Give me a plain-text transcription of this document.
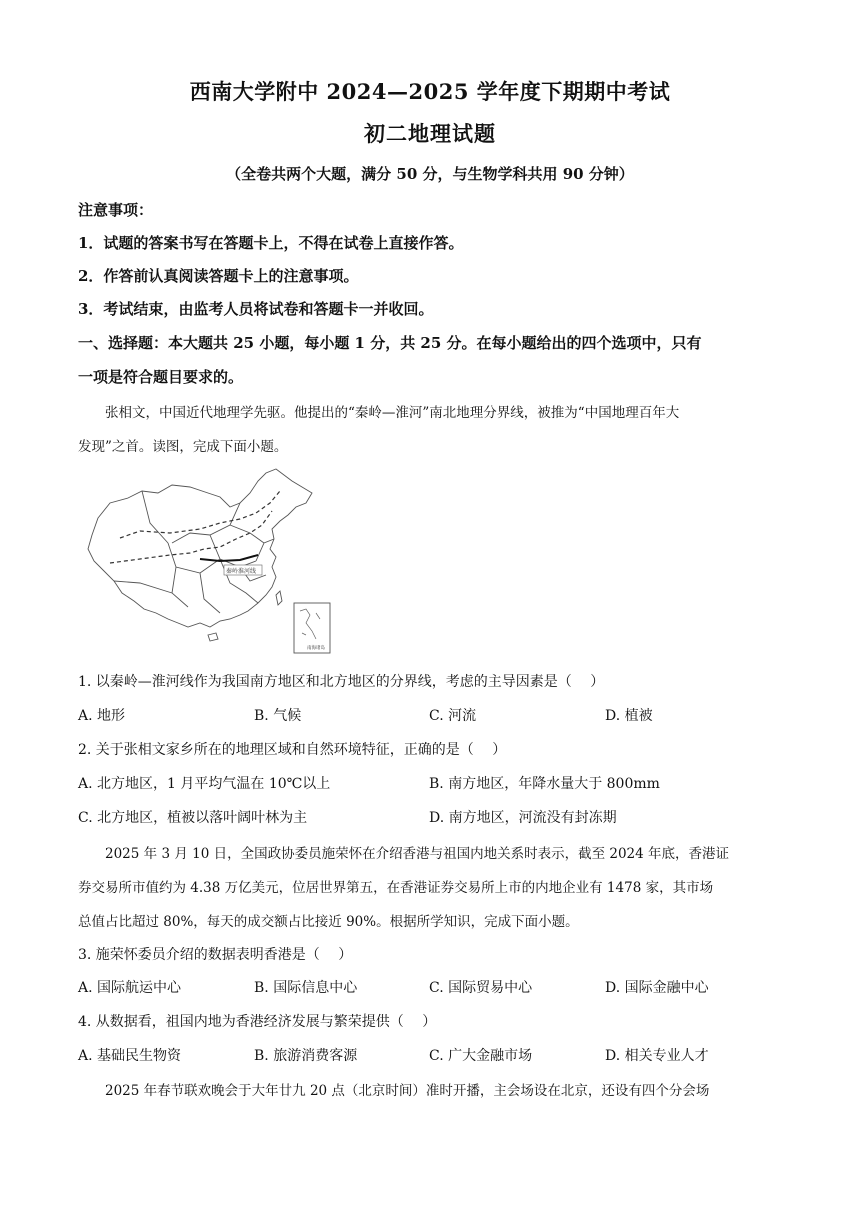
西南大学附中 2024—2025 学年度下期期中考试
初二地理试题
（全卷共两个大题，满分 50 分，与生物学科共用 90 分钟）
注意事项：
1．试题的答案书写在答题卡上，不得在试卷上直接作答。
2．作答前认真阅读答题卡上的注意事项。
3．考试结束，由监考人员将试卷和答题卡一并收回。
一、选择题：本大题共 25 小题，每小题 1 分，共 25 分。在每小题给出的四个选项中，只有
一项是符合题目要求的。
张相文，中国近代地理学先驱。他提出的“秦岭—淮河”南北地理分界线，被推为“中国地理百年大
发现”之首。读图，完成下面小题。
秦岭淮河线
南海诸岛
1. 以秦岭—淮河线作为我国南方地区和北方地区的分界线，考虑的主导因素是（　 ）
A. 地形	B. 气候	C. 河流	D. 植被
2. 关于张相文家乡所在的地理区域和自然环境特征，正确的是（　 ）
A. 北方地区，1 月平均气温在 10℃以上	B. 南方地区，年降水量大于 800mm
C. 北方地区，植被以落叶阔叶林为主	D. 南方地区，河流没有封冻期
2025 年 3 月 10 日，全国政协委员施荣怀在介绍香港与祖国内地关系时表示，截至 2024 年底，香港证
券交易所市值约为 4.38 万亿美元，位居世界第五，在香港证券交易所上市的内地企业有 1478 家，其市场
总值占比超过 80%，每天的成交额占比接近 90%。根据所学知识，完成下面小题。
3. 施荣怀委员介绍的数据表明香港是（　 ）
A. 国际航运中心	B. 国际信息中心	C. 国际贸易中心	D. 国际金融中心
4. 从数据看，祖国内地为香港经济发展与繁荣提供（　 ）
A. 基础民生物资	B. 旅游消费客源	C. 广大金融市场	D. 相关专业人才
2025 年春节联欢晚会于大年廿九 20 点（北京时间）准时开播，主会场设在北京，还设有四个分会场
